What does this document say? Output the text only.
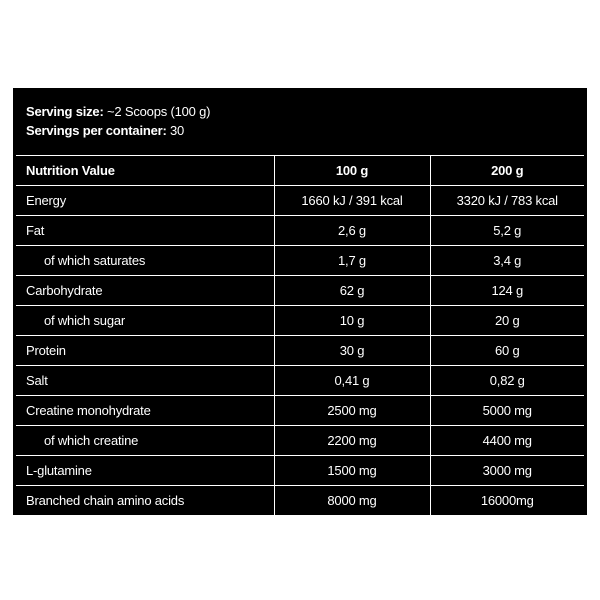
Serving size: ~2 Scoops (100 g)
Servings per container: 30
Nutrition Value	100 g	200 g
Energy	1660 kJ / 391 kcal	3320 kJ / 783 kcal
Fat	2,6 g	5,2 g
of which saturates	1,7 g	3,4 g
Carbohydrate	62 g	124 g
of which sugar	10 g	20 g
Protein	30 g	60 g
Salt	0,41 g	0,82 g
Creatine monohydrate	2500 mg	5000 mg
of which creatine	2200 mg	4400 mg
L-glutamine	1500 mg	3000 mg
Branched chain amino acids	8000 mg	16000mg
